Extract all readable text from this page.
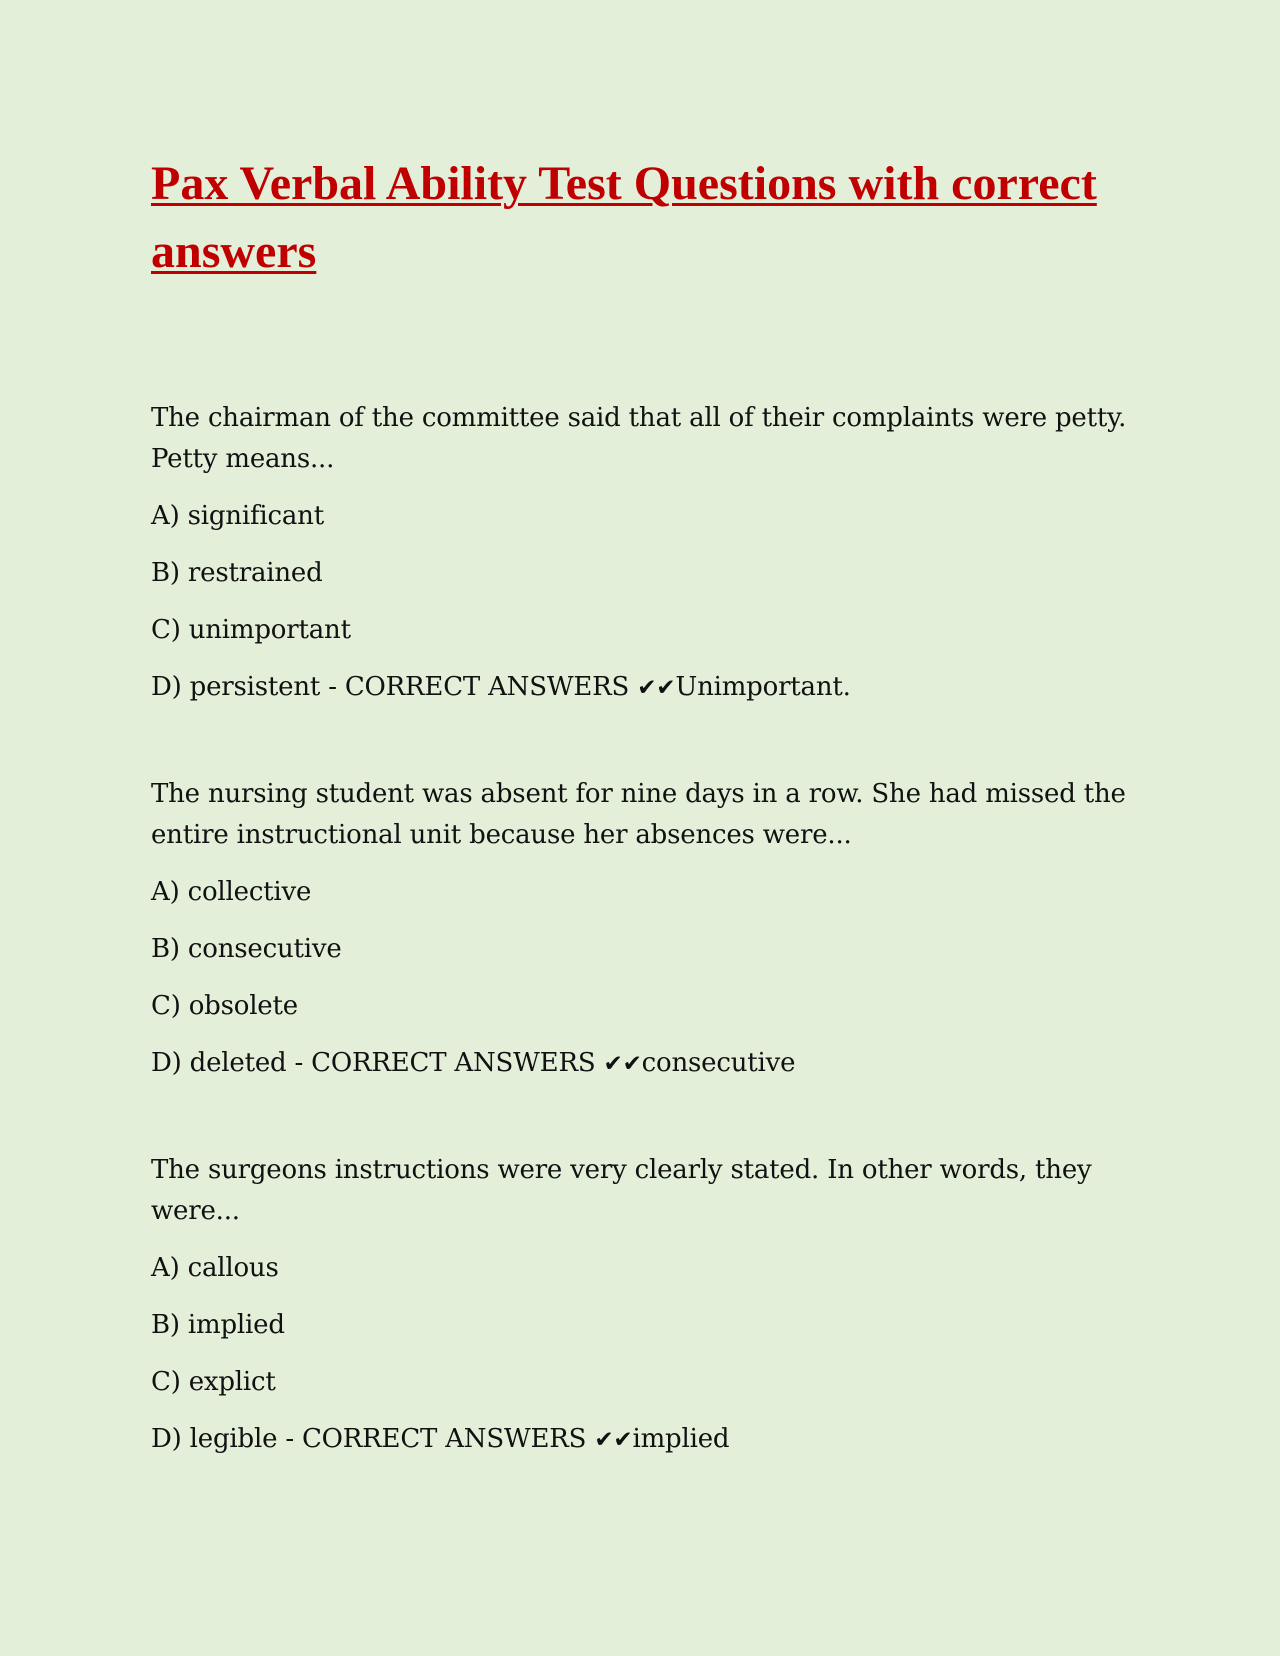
Pax Verbal Ability Test Questions with correct answers

The chairman of the committee said that all of their complaints were petty. Petty means...

A) significant

B) restrained

C) unimportant

D) persistent - CORRECT ANSWERS ✔✔Unimportant.

The nursing student was absent for nine days in a row. She had missed the entire instructional unit because her absences were...

A) collective

B) consecutive

C) obsolete

D) deleted - CORRECT ANSWERS ✔✔consecutive

The surgeons instructions were very clearly stated. In other words, they were...

A) callous

B) implied

C) explict

D) legible - CORRECT ANSWERS ✔✔implied
